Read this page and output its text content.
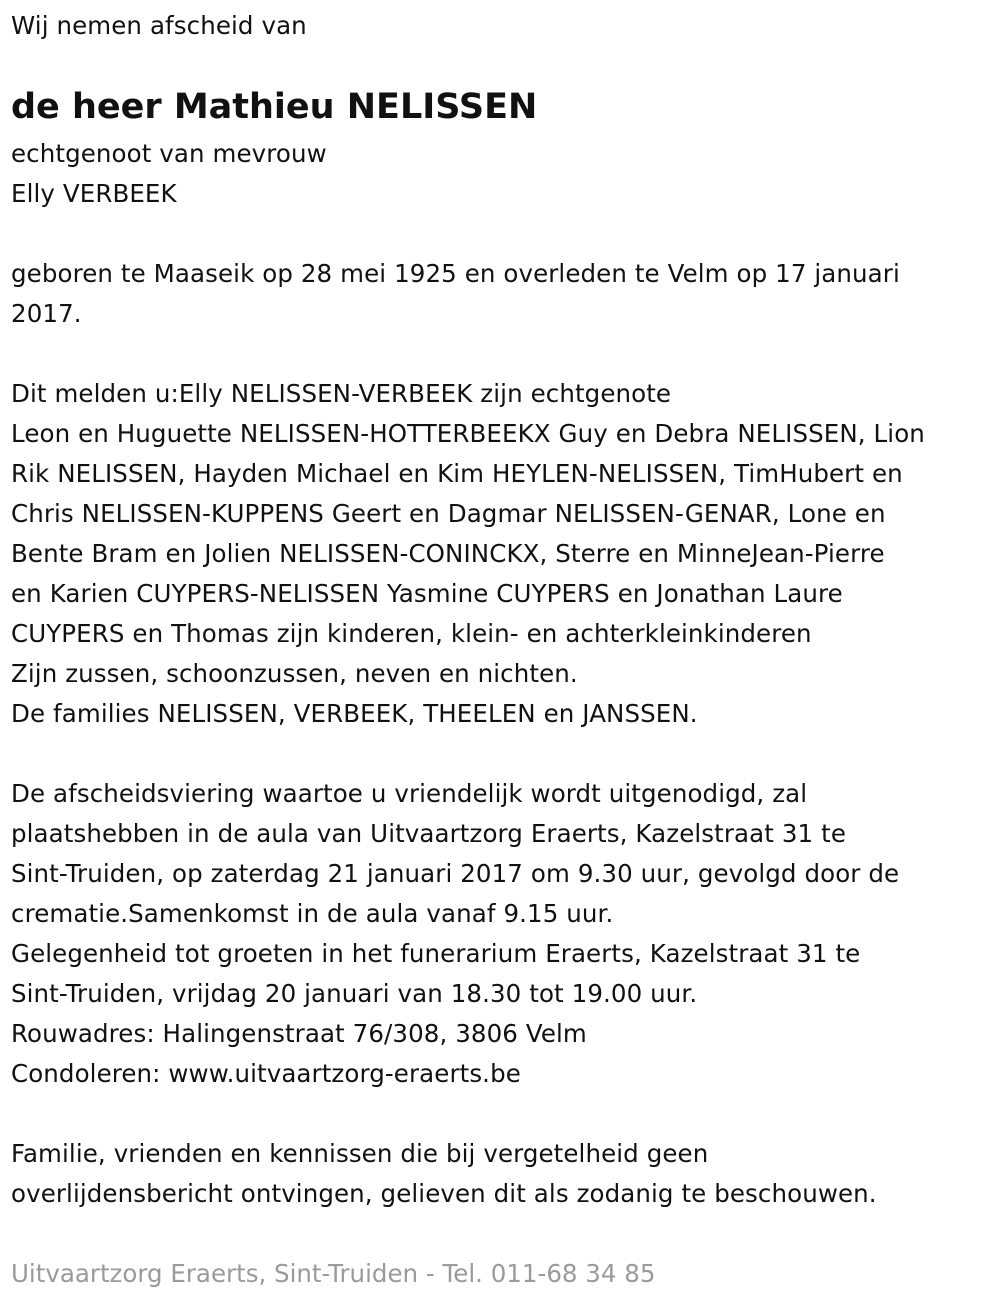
Wij nemen afscheid van
de heer Mathieu NELISSEN
echtgenoot van mevrouw
Elly VERBEEK
geboren te Maaseik op 28 mei 1925 en overleden te Velm op 17 januari
2017.
Dit melden u:Elly NELISSEN-VERBEEK zijn echtgenote
Leon en Huguette NELISSEN-HOTTERBEEKX Guy en Debra NELISSEN, Lion
Rik NELISSEN, Hayden Michael en Kim HEYLEN-NELISSEN, TimHubert en
Chris NELISSEN-KUPPENS Geert en Dagmar NELISSEN-GENAR, Lone en
Bente Bram en Jolien NELISSEN-CONINCKX, Sterre en MinneJean-Pierre
en Karien CUYPERS-NELISSEN Yasmine CUYPERS en Jonathan Laure
CUYPERS en Thomas zijn kinderen, klein- en achterkleinkinderen
Zijn zussen, schoonzussen, neven en nichten.
De families NELISSEN, VERBEEK, THEELEN en JANSSEN.
De afscheidsviering waartoe u vriendelijk wordt uitgenodigd, zal
plaatshebben in de aula van Uitvaartzorg Eraerts, Kazelstraat 31 te
Sint-Truiden, op zaterdag 21 januari 2017 om 9.30 uur, gevolgd door de
crematie.Samenkomst in de aula vanaf 9.15 uur.
Gelegenheid tot groeten in het funerarium Eraerts, Kazelstraat 31 te
Sint-Truiden, vrijdag 20 januari van 18.30 tot 19.00 uur.
Rouwadres: Halingenstraat 76/308, 3806 Velm
Condoleren: www.uitvaartzorg-eraerts.be
Familie, vrienden en kennissen die bij vergetelheid geen
overlijdensbericht ontvingen, gelieven dit als zodanig te beschouwen.
Uitvaartzorg Eraerts, Sint-Truiden - Tel. 011-68 34 85
